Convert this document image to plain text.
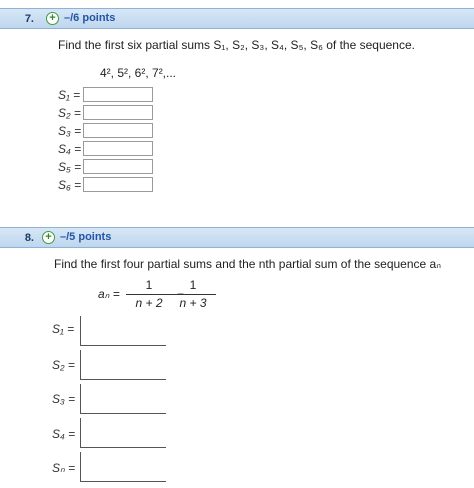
7.	+ –/6 points
Find the first six partial sums S₁, S₂, S₃, S₄, S₅, S₆ of the sequence.
4², 5², 6², 7²,...
S₁ =
S₂ =
S₃ =
S₄ =
S₅ =
S₆ =
8.	+ –/5 points
Find the first four partial sums and the nth partial sum of the sequence aₙ
aₙ =
1
n + 2
1
n + 3
S₁ =
S₂ =
S₃ =
S₄ =
Sₙ =
